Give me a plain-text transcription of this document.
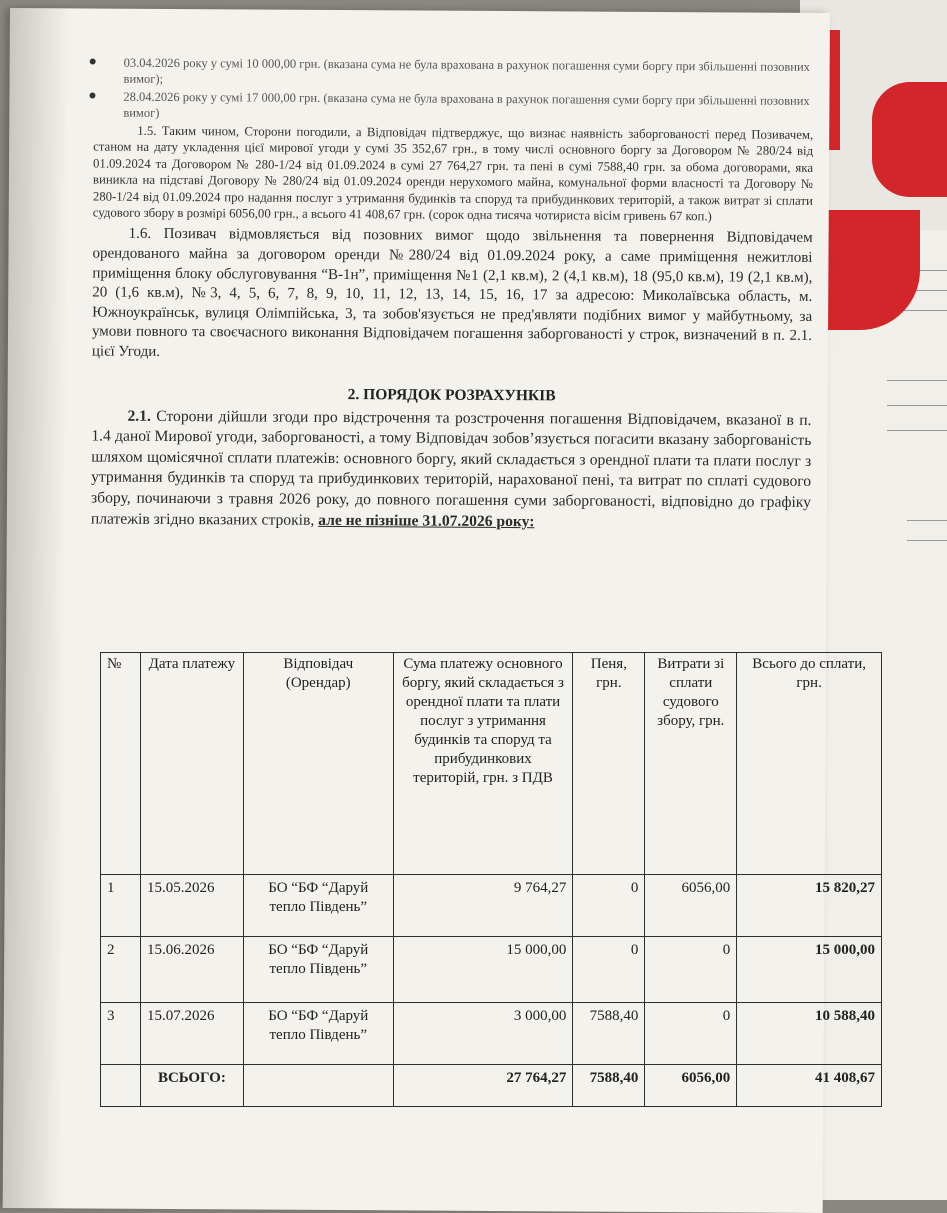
03.04.2026 року у сумі 10 000,00 грн. (вказана сума не була врахована в рахунок погашення суми боргу при збільшенні позовних вимог);
28.04.2026 року у сумі 17 000,00 грн. (вказана сума не була врахована в рахунок погашення суми боргу при збільшенні позовних вимог)
1.5. Таким чином, Сторони погодили, а Відповідач підтверджує, що визнає наявність заборгованості перед Позивачем, станом на дату укладення цієї мирової угоди у сумі 35 352,67 грн., в тому числі основного боргу за Договором № 280/24 від 01.09.2024 та Договором № 280-1/24 від 01.09.2024 в сумі 27 764,27 грн. та пені в сумі 7588,40 грн. за обома договорами, яка виникла на підставі Договору № 280/24 від 01.09.2024 оренди нерухомого майна, комунальної форми власності та Договору № 280-1/24 від 01.09.2024 про надання послуг з утримання будинків та споруд та прибудинкових територій, а також витрат зі сплати судового збору в розмірі 6056,00 грн., а всього 41 408,67 грн. (сорок одна тисяча чотириста вісім гривень 67 коп.)
1.6. Позивач відмовляється від позовних вимог щодо звільнення та повернення Відповідачем орендованого майна за договором оренди №280/24 від 01.09.2024 року, а саме приміщення нежитлові приміщення блоку обслуговування “В-1н”, приміщення №1 (2,1 кв.м), 2 (4,1 кв.м), 18 (95,0 кв.м), 19 (2,1 кв.м), 20 (1,6 кв.м), №3, 4, 5, 6, 7, 8, 9, 10, 11, 12, 13, 14, 15, 16, 17 за адресою: Миколаївська область, м. Южноукраїнськ, вулиця Олімпійська, 3, та зобов'язується не пред'являти подібних вимог у майбутньому, за умови повного та своєчасного виконання Відповідачем погашення заборгованості у строк, визначений в п. 2.1. цієї Угоди.
2. ПОРЯДОК РОЗРАХУНКІВ
2.1. Сторони дійшли згоди про відстрочення та розстрочення погашення Відповідачем, вказаної в п. 1.4 даної Мирової угоди, заборгованості, а тому Відповідач зобов’язується погасити вказану заборгованість шляхом щомісячної сплати платежів: основного боргу, який складається з орендної плати та плати послуг з утримання будинків та споруд та прибудинкових територій, нарахованої пені, та витрат по сплаті судового збору, починаючи з травня 2026 року, до повного погашення суми заборгованості, відповідно до графіку платежів згідно вказаних строків, але не пізніше 31.07.2026 року:
№	Дата платежу	Відповідач (Орендар)	Сума платежу основного боргу, який складається з орендної плати та плати послуг з утримання будинків та споруд та прибудинкових територій, грн. з ПДВ	Пеня, грн.	Витрати зі сплати судового збору, грн.	Всього до сплати, грн.
1	15.05.2026	БО “БФ “Даруй тепло Південь”	9 764,27	0	6056,00	15 820,27
2	15.06.2026	БО “БФ “Даруй тепло Південь”	15 000,00	0	0	15 000,00
3	15.07.2026	БО “БФ “Даруй тепло Південь”	3 000,00	7588,40	0	10 588,40
	ВСЬОГО:		27 764,27	7588,40	6056,00	41 408,67
